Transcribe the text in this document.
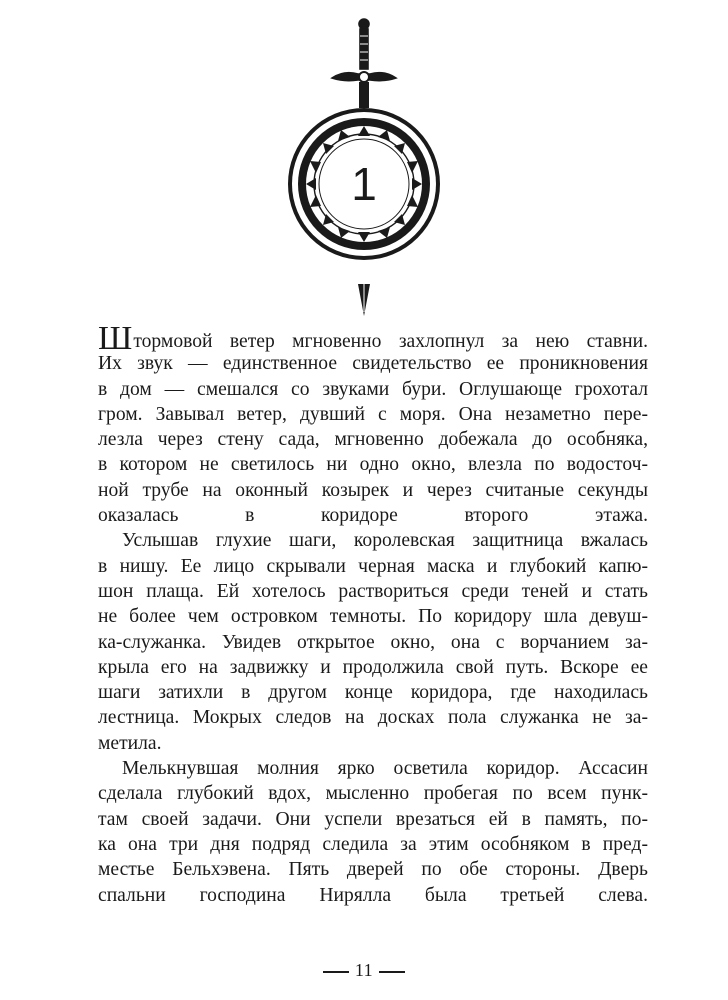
1

Штормовой ветер мгновенно захлопнул за нею ставни.
Их звук — единственное свидетельство ее проникновения
в дом — смешался со звуками бури. Оглушающе грохотал
гром. Завывал ветер, дувший с моря. Она незаметно пере-
лезла через стену сада, мгновенно добежала до особняка,
в котором не светилось ни одно окно, влезла по водосточ-
ной трубе на оконный козырек и через считаные секунды
оказалась в коридоре второго этажа.

Услышав глухие шаги, королевская защитница вжалась
в нишу. Ее лицо скрывали черная маска и глубокий капю-
шон плаща. Ей хотелось раствориться среди теней и стать
не более чем островком темноты. По коридору шла девуш-
ка-служанка. Увидев открытое окно, она с ворчанием за-
крыла его на задвижку и продолжила свой путь. Вскоре ее
шаги затихли в другом конце коридора, где находилась
лестница. Мокрых следов на досках пола служанка не за-
метила.

Мелькнувшая молния ярко осветила коридор. Ассасин
сделала глубокий вдох, мысленно пробегая по всем пунк-
там своей задачи. Они успели врезаться ей в память, по-
ка она три дня подряд следила за этим особняком в пред-
местье Бельхэвена. Пять дверей по обе стороны. Дверь
спальни господина Нирялла была третьей слева.

11
